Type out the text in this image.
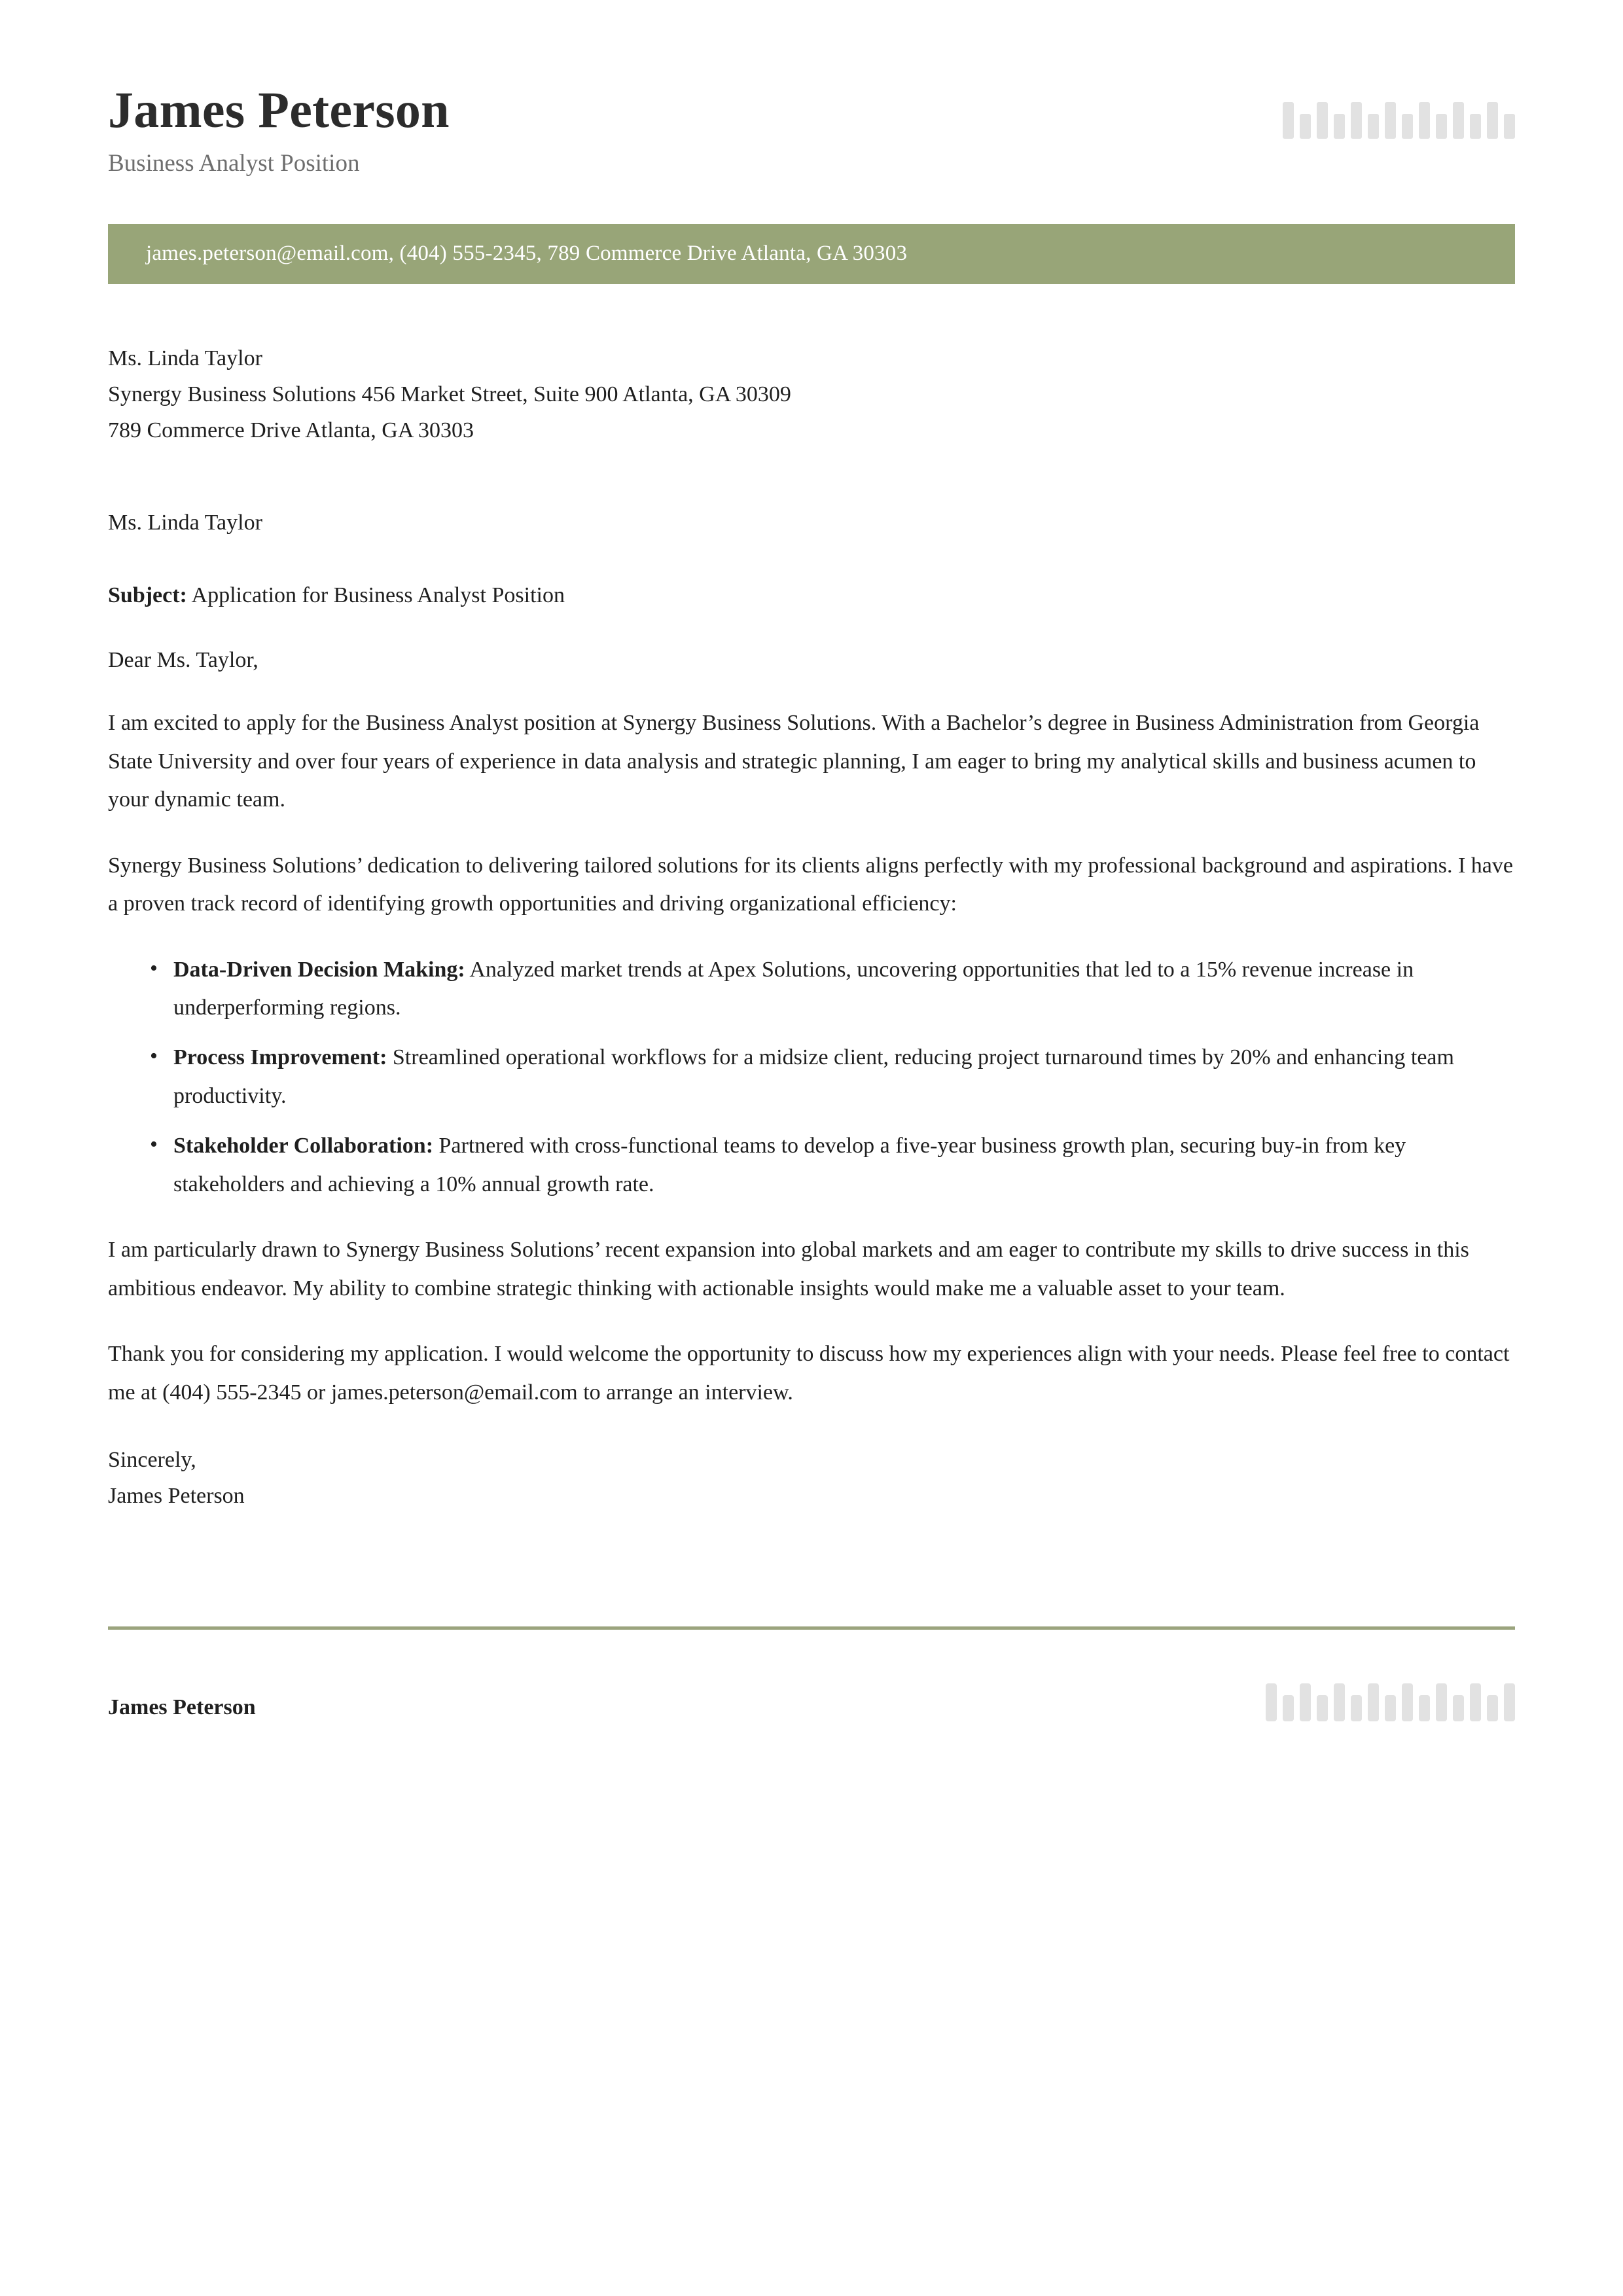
James Peterson

Business Analyst Position

james.peterson@email.com, (404) 555-2345, 789 Commerce Drive Atlanta, GA 30303
Ms. Linda Taylor
Synergy Business Solutions 456 Market Street, Suite 900 Atlanta, GA 30309
789 Commerce Drive Atlanta, GA 30303
Ms. Linda Taylor
Subject: Application for Business Analyst Position
Dear Ms. Taylor,

I am excited to apply for the Business Analyst position at Synergy Business Solutions. With a Bachelor’s degree in Business Administration from Georgia State University and over four years of experience in data analysis and strategic planning, I am eager to bring my analytical skills and business acumen to your dynamic team.

Synergy Business Solutions’ dedication to delivering tailored solutions for its clients aligns perfectly with my professional background and aspirations. I have a proven track record of identifying growth opportunities and driving organizational efficiency:

• Data-Driven Decision Making: Analyzed market trends at Apex Solutions, uncovering opportunities that led to a 15% revenue increase in underperforming regions.
• Process Improvement: Streamlined operational workflows for a midsize client, reducing project turnaround times by 20% and enhancing team productivity.
• Stakeholder Collaboration: Partnered with cross-functional teams to develop a five-year business growth plan, securing buy-in from key stakeholders and achieving a 10% annual growth rate.

I am particularly drawn to Synergy Business Solutions’ recent expansion into global markets and am eager to contribute my skills to drive success in this ambitious endeavor. My ability to combine strategic thinking with actionable insights would make me a valuable asset to your team.

Thank you for considering my application. I would welcome the opportunity to discuss how my experiences align with your needs. Please feel free to contact me at (404) 555-2345 or james.peterson@email.com to arrange an interview.

Sincerely,
James Peterson
James Peterson
